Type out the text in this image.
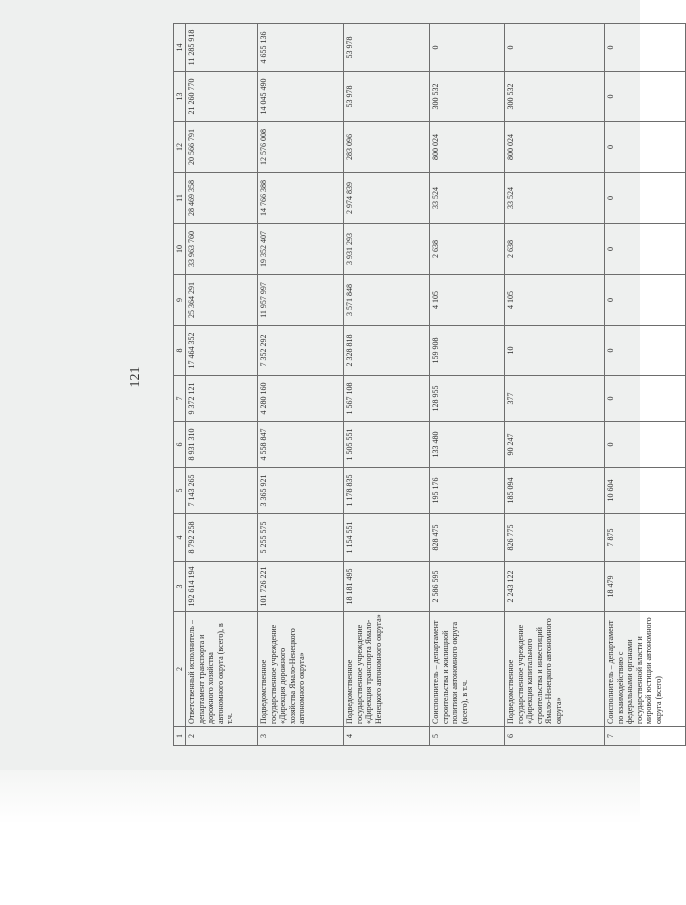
121
1	2	3	4	5	6	7	8	9	10	11	12	13	14
2	Ответственный исполнитель – департамент транспорта и дорожного хозяйства автономного округа (всего), в т.ч.	192 614 194	8 792 258	7 143 265	8 931 310	9 372 121	17 464 352	25 364 291	33 963 760	28 469 358	20 566 791	21 260 770	11 285 918
3	Подведомственное государственное учреждение «Дирекция дорожного хозяйства Ямало-Ненецкого автономного округа»	101 726 221	5 255 575	3 365 921	4 558 847	4 280 160	7 352 292	11 957 997	19 352 407	14 766 388	12 576 008	14 045 490	4 655 136
4	Подведомственное государственное учреждение «Дирекция транспорта Ямало-Ненецкого автономного округа»	18 181 495	1 154 551	1 178 835	1 505 551	1 567 108	2 328 818	3 571 848	3 931 293	2 974 839	283 096	53 978	53 978
5	Соисполнитель – департамент строительства и жилищной политики автономного округа (всего), в т.ч.	2 586 595	828 475	195 176	133 480	128 955	159 908	4 105	2 638	33 524	800 024	300 532	0
6	Подведомственное государственное учреждение «Дирекция капитального строительства и инвестиций Ямало-Ненецкого автономного округа»	2 243 122	826 775	185 094	90 247	377	10	4 105	2 638	33 524	800 024	300 532	0
7	Соисполнитель – департамент по взаимодействию с федеральными органами государственной власти и мировой юстиции автономного округа (всего)	18 479	7 875	10 604	0	0	0	0	0	0	0	0	0
